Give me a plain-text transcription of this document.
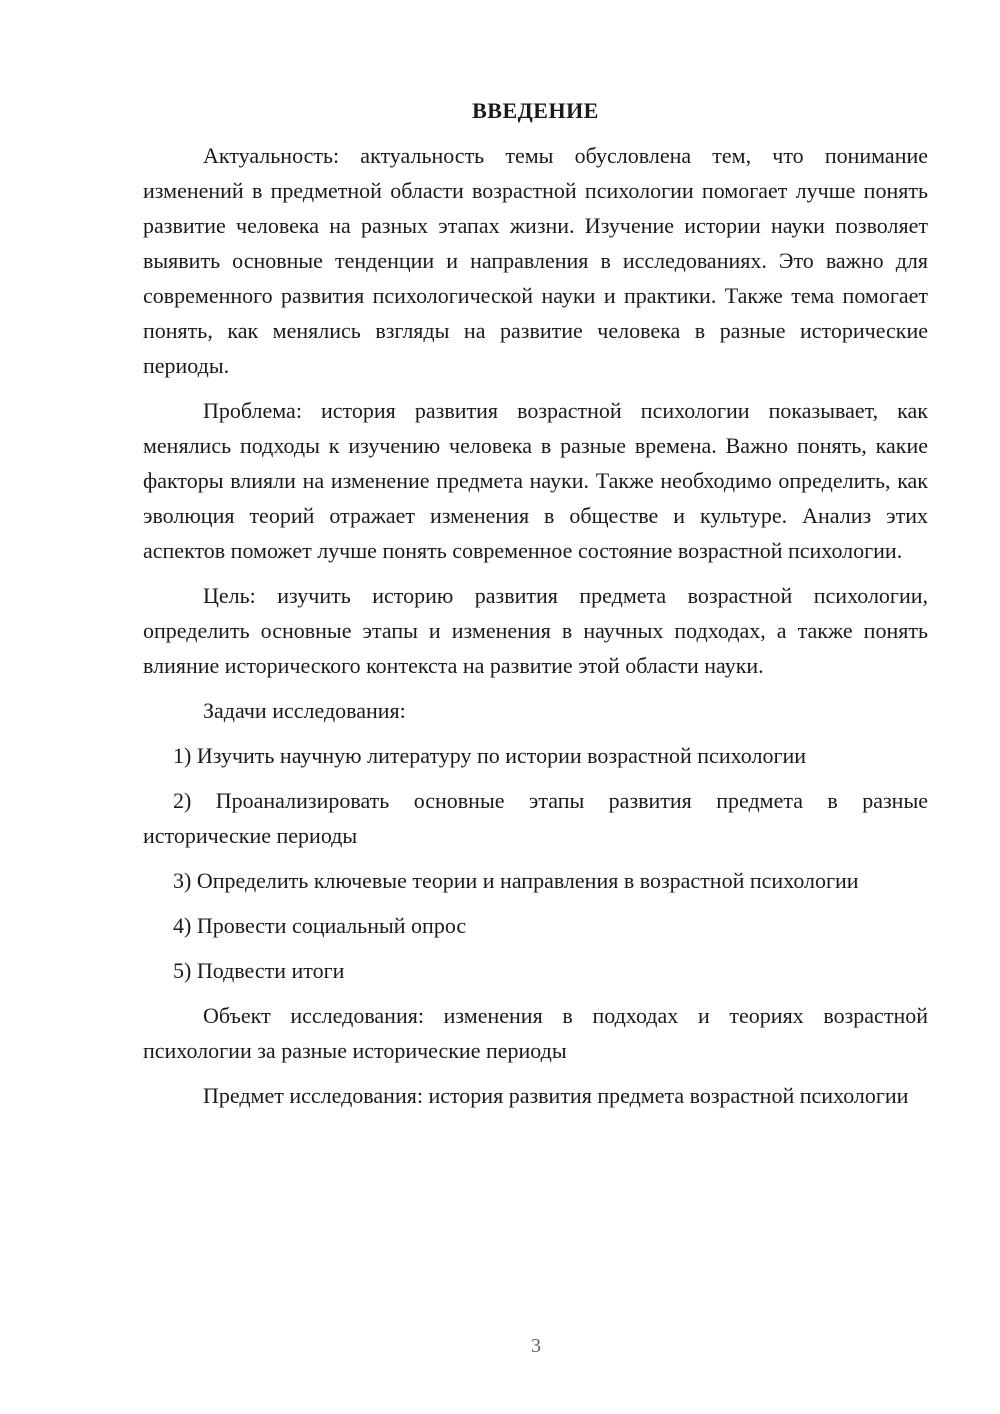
ВВЕДЕНИЕ

Актуальность: актуальность темы обусловлена тем, что понимание изменений в предметной области возрастной психологии помогает лучше понять развитие человека на разных этапах жизни. Изучение истории науки позволяет выявить основные тенденции и направления в исследованиях. Это важно для современного развития психологической науки и практики. Также тема помогает понять, как менялись взгляды на развитие человека в разные исторические периоды.

Проблема: история развития возрастной психологии показывает, как менялись подходы к изучению человека в разные времена. Важно понять, какие факторы влияли на изменение предмета науки. Также необходимо определить, как эволюция теорий отражает изменения в обществе и культуре. Анализ этих аспектов поможет лучше понять современное состояние возрастной психологии.

Цель: изучить историю развития предмета возрастной психологии, определить основные этапы и изменения в научных подходах, а также понять влияние исторического контекста на развитие этой области науки.

Задачи исследования:

1) Изучить научную литературу по истории возрастной психологии

2) Проанализировать основные этапы развития предмета в разные исторические периоды

3) Определить ключевые теории и направления в возрастной психологии

4) Провести социальный опрос

5) Подвести итоги

Объект исследования: изменения в подходах и теориях возрастной психологии за разные исторические периоды

Предмет исследования: история развития предмета возрастной психологии

3
